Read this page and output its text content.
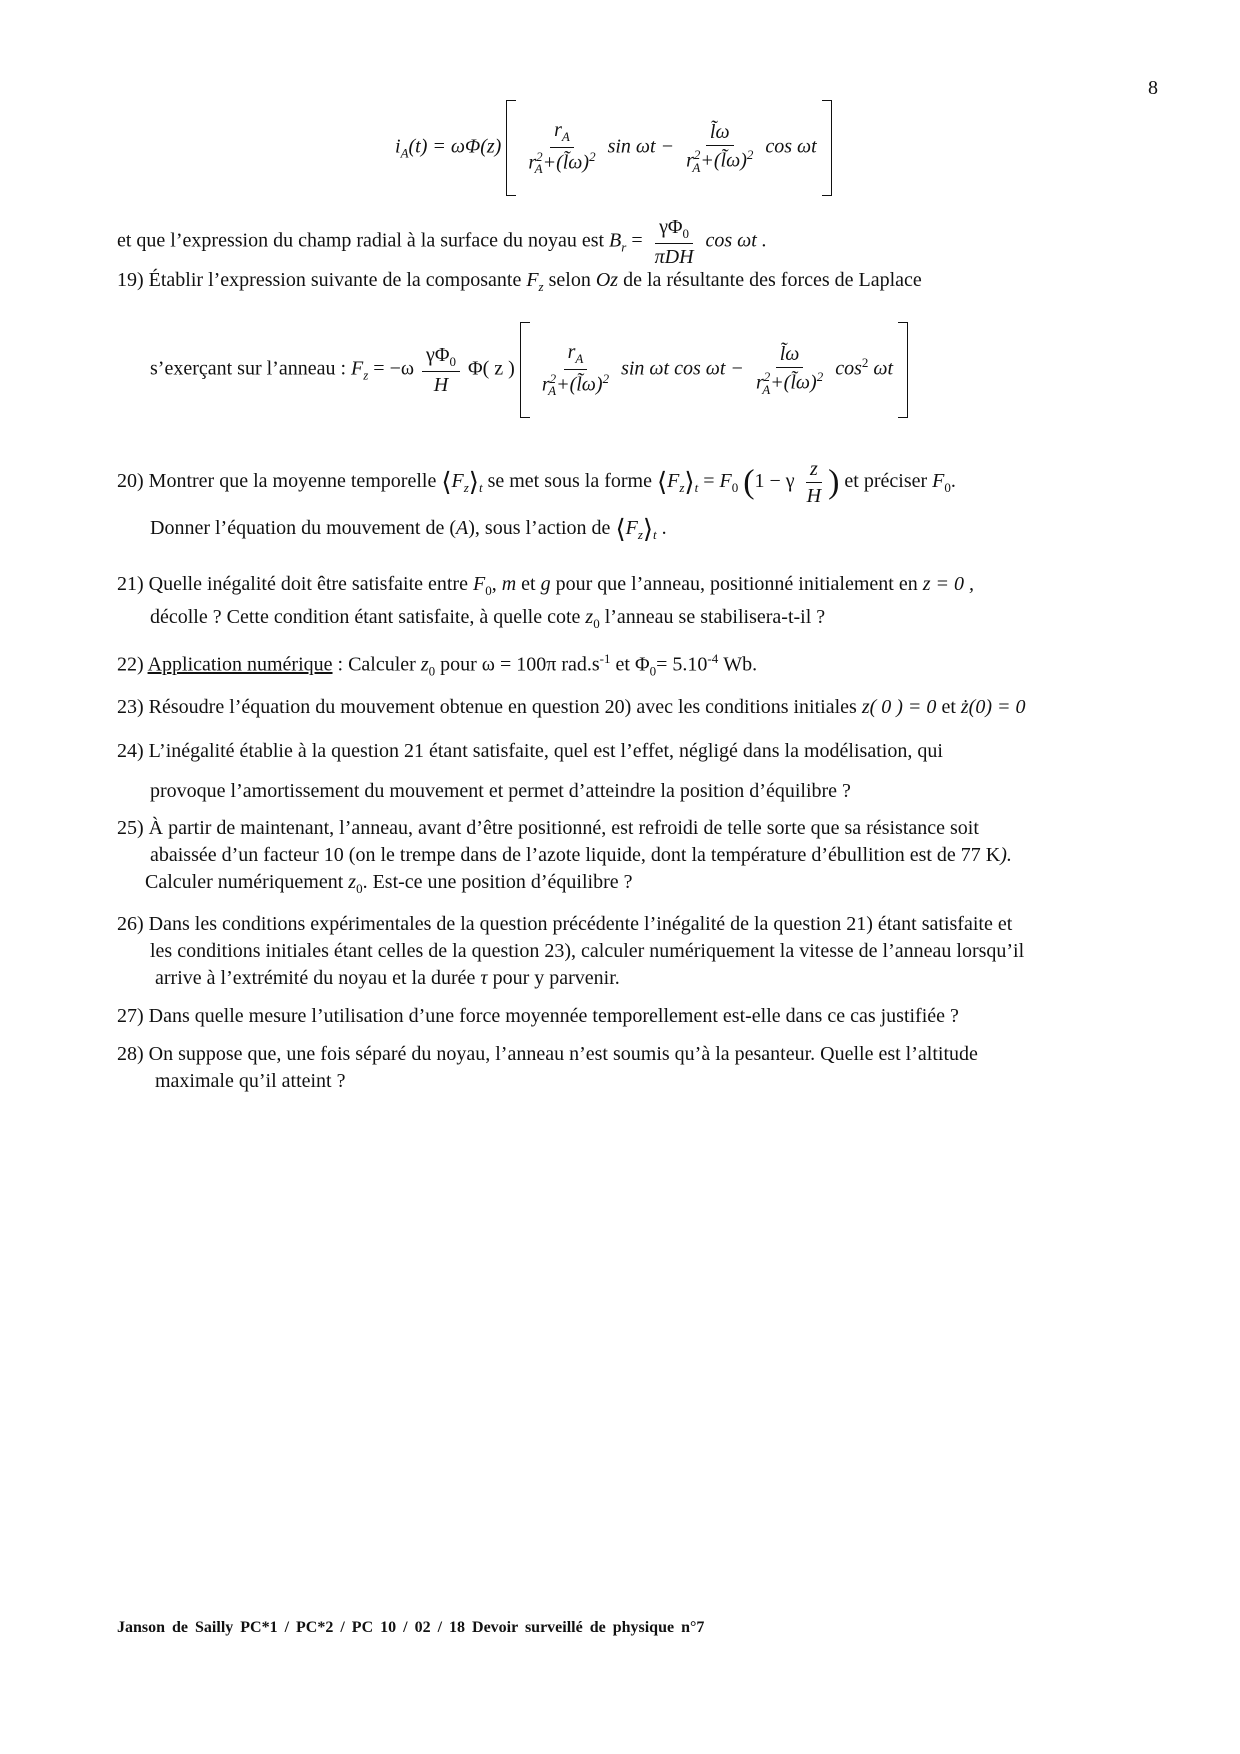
8
$i_A(t) = \omega\Phi(z) \frac{r_A}{r^2_A+(l̃\omega)^2}$ $\sin \omega t - \frac{l̃\omega}{r^2_A+(l̃\omega)^2}$ cos ωt
et que l’expression du champ radial à la surface du noyau est $B_r = \frac{\gamma\Phi_0}{\text{πDH}}$ cos ωt .
19) Établir l’expression suivante de la composante $F_z$ selon Oz de la résultante des forces de Laplace
s’exerçant sur l’anneau : $F_z = -\omega \frac{\gamma\Phi_0}{H} \Phi$( z ) $\frac{r_A}{r^2_A+(l̃\omega)^2}$ sin ωt $\cos \omega t - \frac{l̃\omega}{r^2_A+(l̃\omega)^2} \cos^2 \omega t$
20) Montrer que la moyenne temporelle $⟨F_z⟩_t$ se met sous la forme $⟨F_z⟩_t = F_0$ (1 − γ $\frac{z}{H}$ ) et préciser $F_0$.
Donner l’équation du mouvement de (A), sous l’action de $⟨F_z⟩_t$ .
21) Quelle inégalité doit être satisfaite entre $F_0$, m et g pour que l’anneau, positionné initialement en z = 0 ,
décolle ? Cette condition étant satisfaite, à quelle cote $z_0$ l’anneau se stabilisera-t-il ?
22) Application numérique : Calculer $z_0$ pour ω = 100π $rad.s^{-1}$ et $\Phi_0= 5.10^{-4}$ Wb.
23) Résoudre l’équation du mouvement obtenue en question 20) avec les conditions initiales z( 0 ) = 0 et ż(0) = 0
24) L’inégalité établie à la question 21 étant satisfaite, quel est l’effet, négligé dans la modélisation, qui
provoque l’amortissement du mouvement et permet d’atteindre la position d’équilibre ?
25) À partir de maintenant, l’anneau, avant d’être positionné, est refroidi de telle sorte que sa résistance soit
abaissée d’un facteur 10 (on le trempe dans de l’azote liquide, dont la température d’ébullition est de 77 K).
Calculer numériquement $z_0$. Est-ce une position d’équilibre ?
26) Dans les conditions expérimentales de la question précédente l’inégalité de la question 21) étant satisfaite et
les conditions initiales étant celles de la question 23), calculer numériquement la vitesse de l’anneau lorsqu’il
arrive à l’extrémité du noyau et la durée τ pour y parvenir.
27) Dans quelle mesure l’utilisation d’une force moyennée temporellement est-elle dans ce cas justifiée ?
28) On suppose que, une fois séparé du noyau, l’anneau n’est soumis qu’à la pesanteur. Quelle est l’altitude
maximale qu’il atteint ?
Janson de Sailly PC*1 / PC*2 / PC 10 / 02 / 18 Devoir surveillé de physique n°7
